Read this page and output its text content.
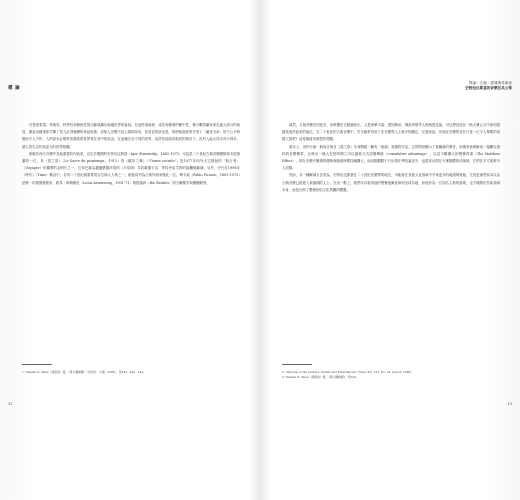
導 論

在搭著電視、學術性、科學性和藝術性的活動就屬於極端世界的會員。在這些領域裡，成功有賴要的衝中性，稀少數的贏家拿走絕大部分的會員，雖說這種現象打擊了努力必得報酬的神話故事，卻相人世間不甚公義的面向，但其並的狀況是，即使極端世界享受了「贏者全拿」的不公平特徵而令人不快，人們卻未必覺察所謂真實世界竟在其中的狀況。在這種完全不同的世界，或許其他面向相同的情況下，沒有人能大得多或小得多，個人的生活仍與更大的世界相關。

相較於西方音樂中其他重要的作曲家，出生於俄國的史特拉汶斯基（Igor Stravinsky，1882-1971）可說是二十世紀古典音樂圈無知名度最廣的一位，其《春之祭》（Le Sacre du printemps，1913）的《獻祭之舞》（"Danse sacrale"）是1977年向外太空發射的「航行者」（Voyager）所攜帶的金唱片之一，它和巴赫為鍵盤樂器所寫的《平均律》共同載運宇宙，等待外星生物的接觸與解讀。另外，史氏在1998年《時代》（Time）雜誌中，名列二十世紀最重要的百位偉大人物之一，跟他同列為古典作曲家僅此一位。畢卡索（Pablo Picasso，1881-1973）是唯一的視覺藝術家，路易・阿姆斯壯（Louis Armstrong，1901-71）與披頭四（the Beatles）則分屬樂手與樂團類別。

1. Nassim N. Taleb（塔雷伯）著，《黑天鵝效應》（台北市：大塊，2008），頁343、440、442。
12
導論・古典・經典與作曲家
史特拉汶斯基的音樂及其公眾

誠然，古典音樂史同是多，但唯獨史氏脫穎而出，又是與畢卡索、愛因斯坦、佛洛伊德等人物相提並論，可以想見他在一般大眾心目中如何超越其他作曲家的地位。在二十世紀的古典音樂中，史氏確實得到了非音樂界人士最多的關注，反過來說，作曲在音樂界並非只是一位令人尊敬的美國人物吧？這是個值得深思的問題。

基本上，這份史論一般而言始自《春之祭》本身開啟一齣有「極端」意識的作品，它的問世顯示了某種新的聲音，而後來被理解成一場難以預料的音樂變革，反映出一個人在短時間之內以激進方式改變傳統（cumulative advantage），以及不斷擴大的聲譽背書（The Matthew Effect），即在音樂中累積的優勢會隨著時間持續擴大。而這類觀點不只出現在學院論述中，也經常出現在大眾媒體的評論裡，它們在多方面都令人信服。

然而，另一種解讀方法認為，史特拉汶斯基在二十世紀音樂界的地位，可能會在其他文化領域中引來更多的疑慮與質疑，尤其是那些原本以為古典音樂已經進入衰落期的人士。在這一點上，我們可以看到他的聲譽逐漸延伸到全球各地，而他作為一位知名人物的意義，也不僅限於作曲領域本身，而是反映了整個世紀文化景觀的變遷。

2. "Persons of the Century--Artists and Entertainers," Time (Vol. 151, No. 22, June 8, 1998).
3. Nassim N. Taleb（塔雷伯）著，《黑天鵝效應》，頁322。
13
